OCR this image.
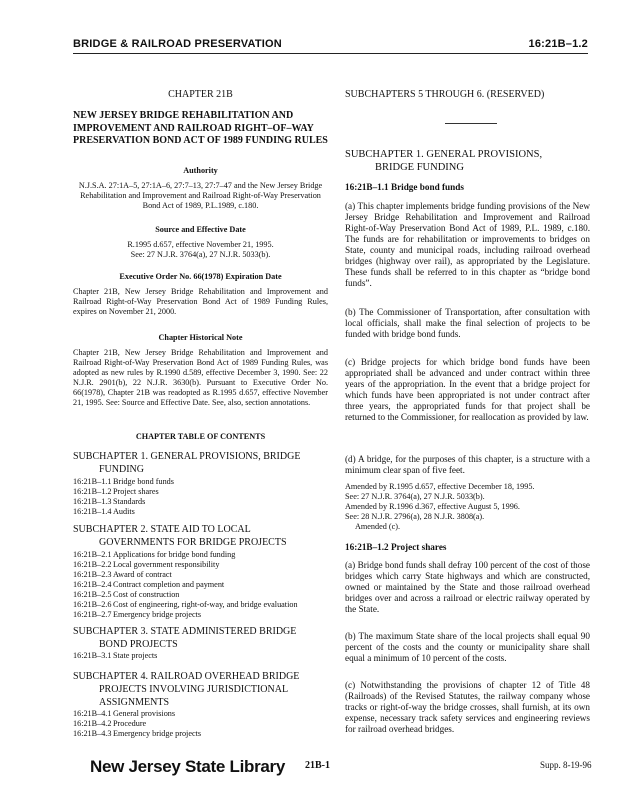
BRIDGE & RAILROAD PRESERVATION	16:21B–1.2
CHAPTER 21B
NEW JERSEY BRIDGE REHABILITATION AND IMPROVEMENT AND RAILROAD RIGHT–OF–WAY PRESERVATION BOND ACT OF 1989 FUNDING RULES
Authority
N.J.S.A. 27:1A–5, 27:1A–6, 27:7–13, 27:7–47 and the New Jersey Bridge Rehabilitation and Improvement and Railroad Right-of-Way Preservation Bond Act of 1989, P.L.1989, c.180.
Source and Effective Date
R.1995 d.657, effective November 21, 1995.
See: 27 N.J.R. 3764(a), 27 N.J.R. 5033(b).
Executive Order No. 66(1978) Expiration Date
Chapter 21B, New Jersey Bridge Rehabilitation and Improvement and Railroad Right-of-Way Preservation Bond Act of 1989 Funding Rules, expires on November 21, 2000.
Chapter Historical Note
Chapter 21B, New Jersey Bridge Rehabilitation and Improvement and Railroad Right-of-Way Preservation Bond Act of 1989 Funding Rules, was adopted as new rules by R.1990 d.589, effective December 3, 1990. See: 22 N.J.R. 2901(b), 22 N.J.R. 3630(b). Pursuant to Executive Order No. 66(1978), Chapter 21B was readopted as R.1995 d.657, effective November 21, 1995. See: Source and Effective Date. See, also, section annotations.
CHAPTER TABLE OF CONTENTS
SUBCHAPTER 1. GENERAL PROVISIONS, BRIDGE
FUNDING
16:21B–1.1 Bridge bond funds
16:21B–1.2 Project shares
16:21B–1.3 Standards
16:21B–1.4 Audits
SUBCHAPTER 2. STATE AID TO LOCAL
GOVERNMENTS FOR BRIDGE PROJECTS
16:21B–2.1 Applications for bridge bond funding
16:21B–2.2 Local government responsibility
16:21B–2.3 Award of contract
16:21B–2.4 Contract completion and payment
16:21B–2.5 Cost of construction
16:21B–2.6 Cost of engineering, right-of-way, and bridge evaluation
16:21B–2.7 Emergency bridge projects
SUBCHAPTER 3. STATE ADMINISTERED BRIDGE
BOND PROJECTS
16:21B–3.1 State projects
SUBCHAPTER 4. RAILROAD OVERHEAD BRIDGE
PROJECTS INVOLVING JURISDICTIONAL
ASSIGNMENTS
16:21B–4.1 General provisions
16:21B–4.2 Procedure
16:21B–4.3 Emergency bridge projects
SUBCHAPTERS 5 THROUGH 6. (RESERVED)
SUBCHAPTER 1. GENERAL PROVISIONS,
BRIDGE FUNDING
16:21B–1.1 Bridge bond funds
(a) This chapter implements bridge funding provisions of the New Jersey Bridge Rehabilitation and Improvement and Railroad Right-of-Way Preservation Bond Act of 1989, P.L. 1989, c.180. The funds are for rehabilitation or improvements to bridges on State, county and municipal roads, including railroad overhead bridges (highway over rail), as appropriated by the Legislature. These funds shall be referred to in this chapter as “bridge bond funds”.
(b) The Commissioner of Transportation, after consultation with local officials, shall make the final selection of projects to be funded with bridge bond funds.
(c) Bridge projects for which bridge bond funds have been appropriated shall be advanced and under contract within three years of the appropriation. In the event that a bridge project for which funds have been appropriated is not under contract after three years, the appropriated funds for that project shall be returned to the Commissioner, for reallocation as provided by law.
(d) A bridge, for the purposes of this chapter, is a structure with a minimum clear span of five feet.
Amended by R.1995 d.657, effective December 18, 1995.
See: 27 N.J.R. 3764(a), 27 N.J.R. 5033(b).
Amended by R.1996 d.367, effective August 5, 1996.
See: 28 N.J.R. 2796(a), 28 N.J.R. 3808(a).
Amended (c).
16:21B–1.2 Project shares
(a) Bridge bond funds shall defray 100 percent of the cost of those bridges which carry State highways and which are constructed, owned or maintained by the State and those railroad overhead bridges over and across a railroad or electric railway operated by the State.
(b) The maximum State share of the local projects shall equal 90 percent of the costs and the county or municipality share shall equal a minimum of 10 percent of the costs.
(c) Notwithstanding the provisions of chapter 12 of Title 48 (Railroads) of the Revised Statutes, the railway company whose tracks or right-of-way the bridge crosses, shall furnish, at its own expense, necessary track safety services and engineering reviews for railroad overhead bridges.
New Jersey State Library 21B-1	Supp. 8-19-96
